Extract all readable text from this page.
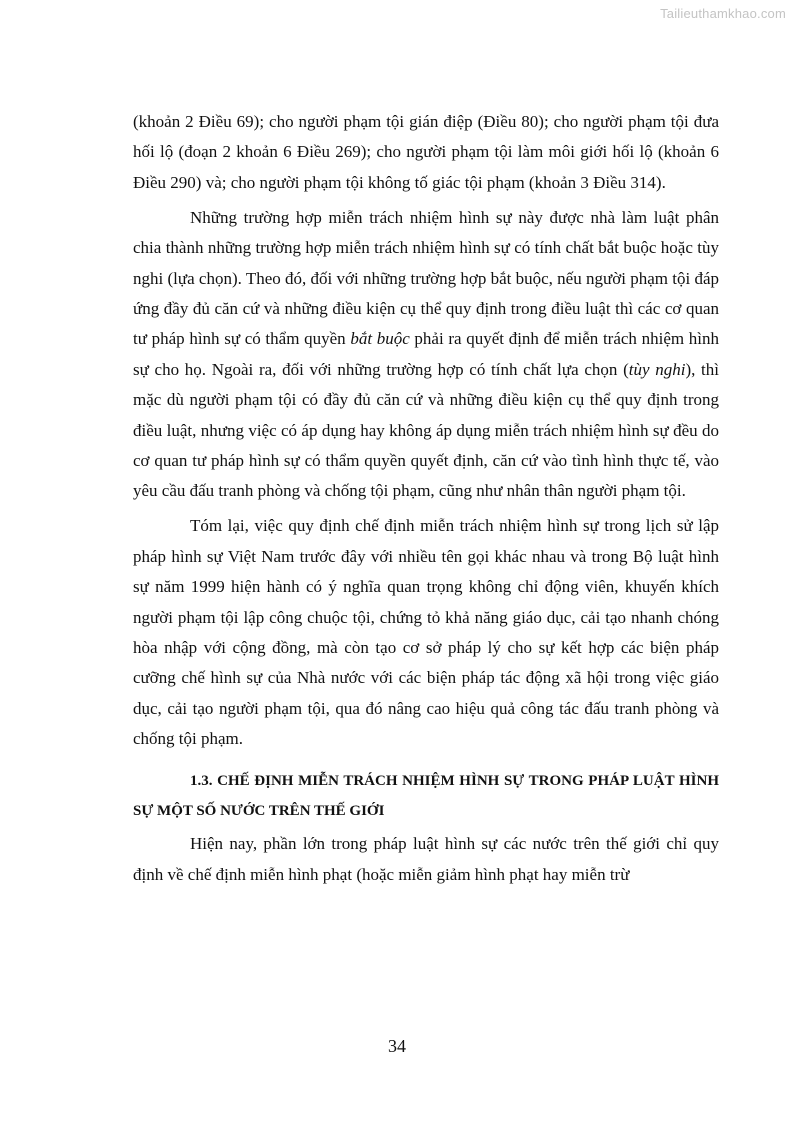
Tailieuthamkhao.com

(khoản 2 Điều 69); cho người phạm tội gián điệp (Điều 80); cho người phạm tội đưa hối lộ (đoạn 2 khoản 6 Điều 269); cho người phạm tội làm môi giới hối lộ (khoản 6 Điều 290) và; cho người phạm tội không tố giác tội phạm (khoản 3 Điều 314).

Những trường hợp miễn trách nhiệm hình sự này được nhà làm luật phân chia thành những trường hợp miễn trách nhiệm hình sự có tính chất bắt buộc hoặc tùy nghi (lựa chọn). Theo đó, đối với những trường hợp bắt buộc, nếu người phạm tội đáp ứng đầy đủ căn cứ và những điều kiện cụ thể quy định trong điều luật thì các cơ quan tư pháp hình sự có thẩm quyền bắt buộc phải ra quyết định để miễn trách nhiệm hình sự cho họ. Ngoài ra, đối với những trường hợp có tính chất lựa chọn (tùy nghi), thì mặc dù người phạm tội có đầy đủ căn cứ và những điều kiện cụ thể quy định trong điều luật, nhưng việc có áp dụng hay không áp dụng miễn trách nhiệm hình sự đều do cơ quan tư pháp hình sự có thẩm quyền quyết định, căn cứ vào tình hình thực tế, vào yêu cầu đấu tranh phòng và chống tội phạm, cũng như nhân thân người phạm tội.

Tóm lại, việc quy định chế định miễn trách nhiệm hình sự trong lịch sử lập pháp hình sự Việt Nam trước đây với nhiều tên gọi khác nhau và trong Bộ luật hình sự năm 1999 hiện hành có ý nghĩa quan trọng không chỉ động viên, khuyến khích người phạm tội lập công chuộc tội, chứng tỏ khả năng giáo dục, cải tạo nhanh chóng hòa nhập với cộng đồng, mà còn tạo cơ sở pháp lý cho sự kết hợp các biện pháp cưỡng chế hình sự của Nhà nước với các biện pháp tác động xã hội trong việc giáo dục, cải tạo người phạm tội, qua đó nâng cao hiệu quả công tác đấu tranh phòng và chống tội phạm.

1.3. CHẾ ĐỊNH MIỄN TRÁCH NHIỆM HÌNH SỰ TRONG PHÁP LUẬT HÌNH SỰ MỘT SỐ NƯỚC TRÊN THẾ GIỚI

Hiện nay, phần lớn trong pháp luật hình sự các nước trên thế giới chỉ quy định về chế định miễn hình phạt (hoặc miễn giảm hình phạt hay miễn trừ

34
